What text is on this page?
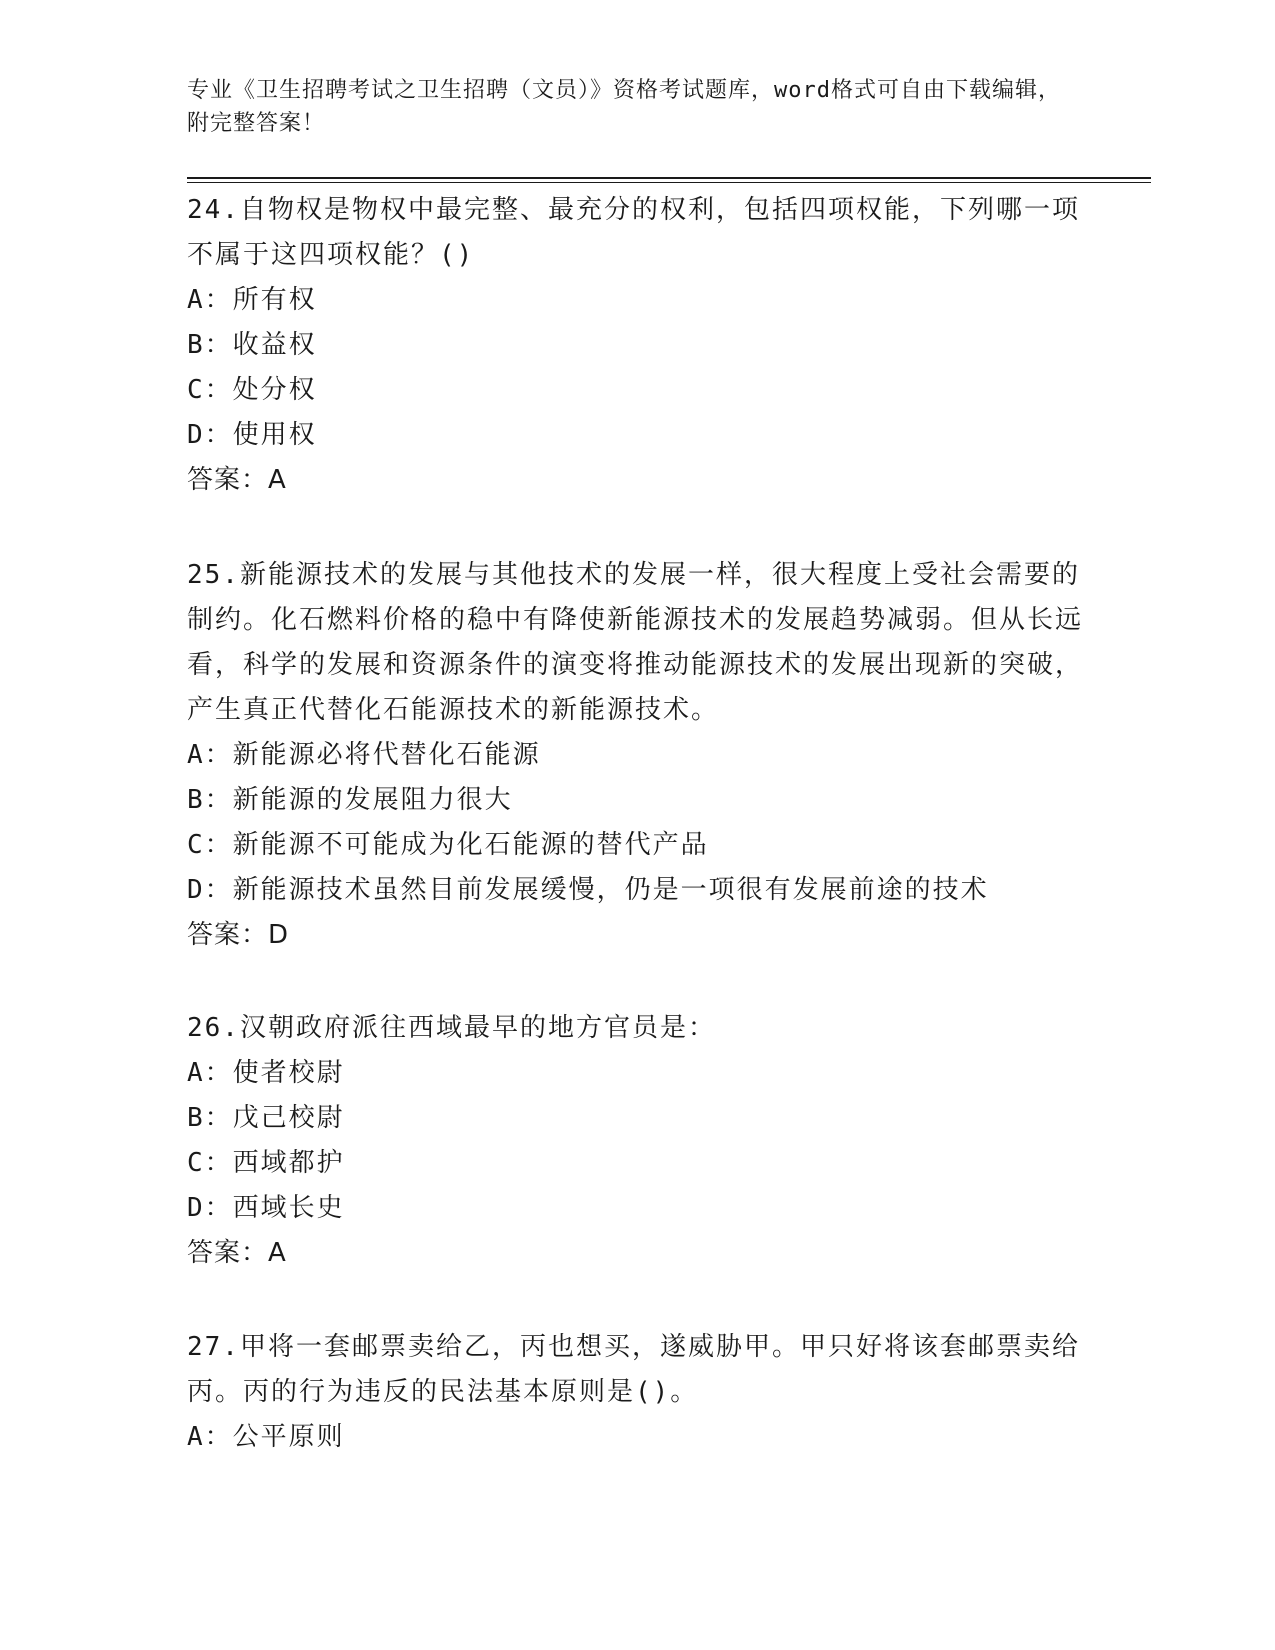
专业《卫生招聘考试之卫生招聘（文员）》资格考试题库，word格式可自由下载编辑，附完整答案！

24.自物权是物权中最完整、最充分的权利，包括四项权能，下列哪一项不属于这四项权能？()

A：所有权

B：收益权

C：处分权

D：使用权

答案：A

25.新能源技术的发展与其他技术的发展一样，很大程度上受社会需要的制约。化石燃料价格的稳中有降使新能源技术的发展趋势减弱。但从长远看，科学的发展和资源条件的演变将推动能源技术的发展出现新的突破，产生真正代替化石能源技术的新能源技术。

A：新能源必将代替化石能源

B：新能源的发展阻力很大

C：新能源不可能成为化石能源的替代产品

D：新能源技术虽然目前发展缓慢，仍是一项很有发展前途的技术

答案：D

26.汉朝政府派往西域最早的地方官员是：

A：使者校尉

B：戊己校尉

C：西域都护

D：西域长史

答案：A

27.甲将一套邮票卖给乙，丙也想买，遂威胁甲。甲只好将该套邮票卖给丙。丙的行为违反的民法基本原则是()。

A：公平原则
